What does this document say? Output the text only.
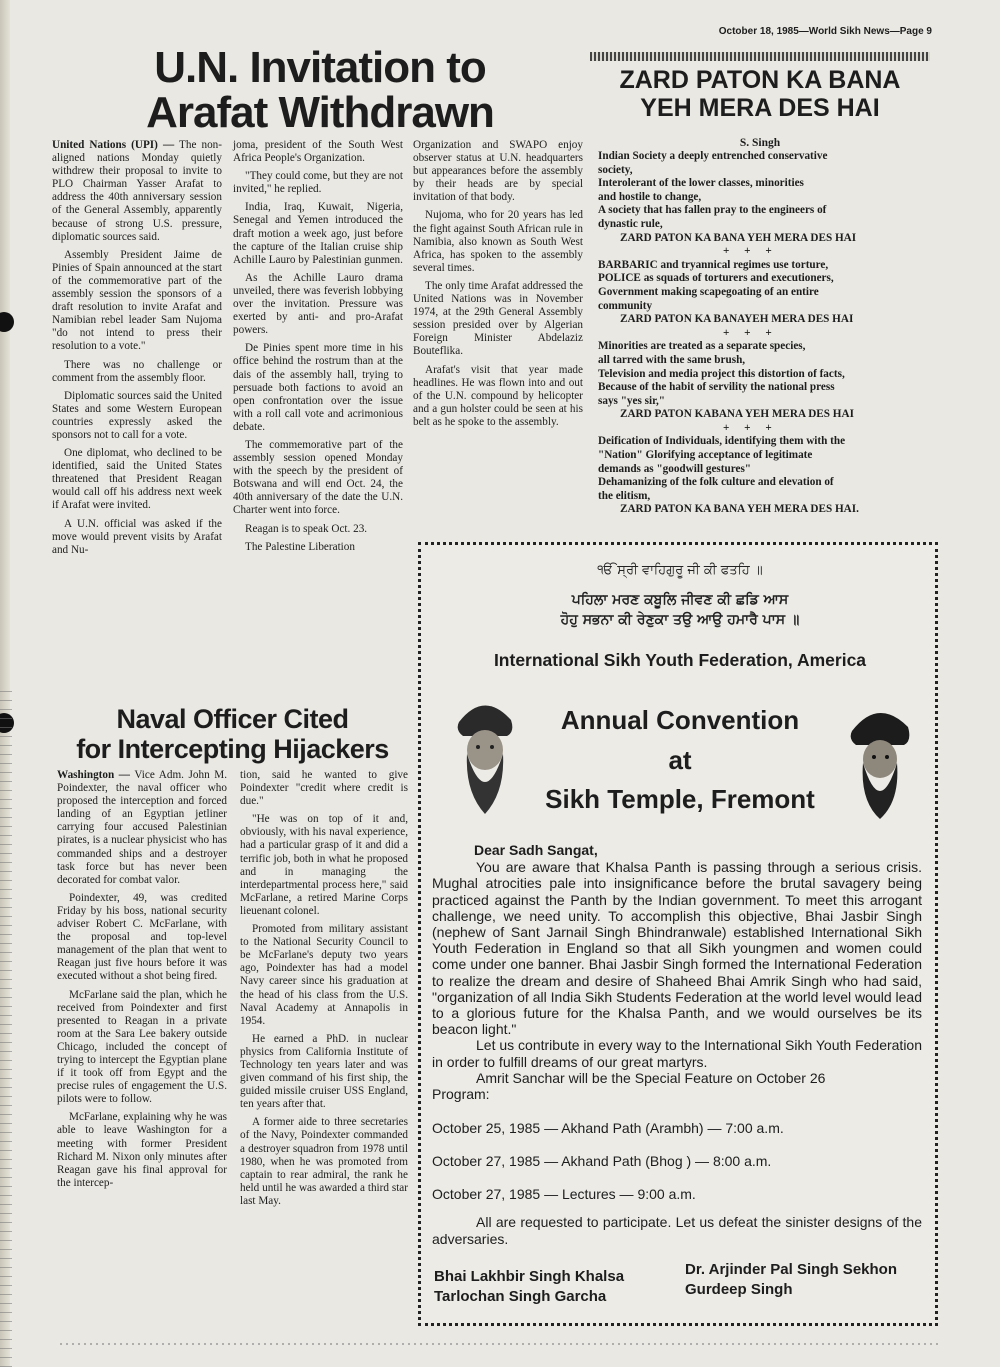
October 18, 1985—World Sikh News—Page 9
U.N. Invitation to
Arafat Withdrawn

United Nations (UPI) — The non-aligned nations Monday quietly withdrew their proposal to invite to PLO Chairman Yasser Arafat to address the 40th anniversary session of the General Assembly, apparently because of strong U.S. pressure, diplomatic sources said.

Assembly President Jaime de Pinies of Spain announced at the start of the commemorative part of the assembly session the sponsors of a draft resolution to invite Arafat and Namibian rebel leader Sam Nujoma "do not intend to press their resolution to a vote."

There was no challenge or comment from the assembly floor.

Diplomatic sources said the United States and some Western European countries expressly asked the sponsors not to call for a vote.

One diplomat, who declined to be identified, said the United States threatened that President Reagan would call off his address next week if Arafat were invited.

A U.N. official was asked if the move would prevent visits by Arafat and Nu-

joma, president of the South West Africa People's Organization.

"They could come, but they are not invited," he replied.

India, Iraq, Kuwait, Nigeria, Senegal and Yemen introduced the draft motion a week ago, just before the capture of the Italian cruise ship Achille Lauro by Palestinian gunmen.

As the Achille Lauro drama unveiled, there was feverish lobbying over the invitation. Pressure was exerted by anti- and pro-Arafat powers.

De Pinies spent more time in his office behind the rostrum than at the dais of the assembly hall, trying to persuade both factions to avoid an open confrontation over the issue with a roll call vote and acrimonious debate.

The commemorative part of the assembly session opened Monday with the speech by the president of Botswana and will end Oct. 24, the 40th anniversary of the date the U.N. Charter went into force.

Reagan is to speak Oct. 23.

The Palestine Liberation

Organization and SWAPO enjoy observer status at U.N. headquarters but appearances before the assembly by their heads are by special invitation of that body.

Nujoma, who for 20 years has led the fight against South African rule in Namibia, also known as South West Africa, has spoken to the assembly several times.

The only time Arafat addressed the United Nations was in November 1974, at the 29th General Assembly session presided over by Algerian Foreign Minister Abdelaziz Bouteflika.

Arafat's visit that year made headlines. He was flown into and out of the U.N. compound by helicopter and a gun holster could be seen at his belt as he spoke to the assembly.

Naval Officer Cited
for Intercepting Hijackers

Washington — Vice Adm. John M. Poindexter, the naval officer who proposed the interception and forced landing of an Egyptian jetliner carrying four accused Palestinian pirates, is a nuclear physicist who has commanded ships and a destroyer task force but has never been decorated for combat valor.

Poindexter, 49, was credited Friday by his boss, national security adviser Robert C. McFarlane, with the proposal and top-level management of the plan that went to Reagan just five hours before it was executed without a shot being fired.

McFarlane said the plan, which he received from Poindexter and first presented to Reagan in a private room at the Sara Lee bakery outside Chicago, included the concept of trying to intercept the Egyptian plane if it took off from Egypt and the precise rules of engagement the U.S. pilots were to follow.

McFarlane, explaining why he was able to leave Washington for a meeting with former President Richard M. Nixon only minutes after Reagan gave his final approval for the intercep-

tion, said he wanted to give Poindexter "credit where credit is due."

"He was on top of it and, obviously, with his naval experience, had a particular grasp of it and did a terrific job, both in what he proposed and in managing the interdepartmental process here," said McFarlane, a retired Marine Corps lieuenant colonel.

Promoted from military assistant to the National Security Council to be McFarlane's deputy two years ago, Poindexter has had a model Navy career since his graduation at the head of his class from the U.S. Naval Academy at Annapolis in 1954.

He earned a PhD. in nuclear physics from California Institute of Technology ten years later and was given command of his first ship, the guided missile cruiser USS England, ten years after that.

A former aide to three secretaries of the Navy, Poindexter commanded a destroyer squadron from 1978 until 1980, when he was promoted from captain to rear admiral, the rank he held until he was awarded a third star last May.

ZARD PATON KA BANA
YEH MERA DES HAI
S. Singh
Indian Society a deeply entrenched conservative
society,
Interolerant of the lower classes, minorities
and hostile to change,
A society that has fallen pray to the engineers of
dynastic rule,
ZARD PATON KA BANA YEH MERA DES HAI
+ + +
BARBARIC and tryannical regimes use torture,
POLICE as squads of torturers and executioners,
Government making scapegoating of an entire
community
ZARD PATON KA BANAYEH MERA DES HAI
+ + +
Minorities are treated as a separate species,
all tarred with the same brush,
Television and media project this distortion of facts,
Because of the habit of servility the national press
says "yes sir,"
ZARD PATON KABANA YEH MERA DES HAI
+ + +
Deification of Individuals, identifying them with the
"Nation" Glorifying acceptance of legitimate
demands as "goodwill gestures"
Dehamanizing of the folk culture and elevation of
the elitism,
ZARD PATON KA BANA YEH MERA DES HAI.
ੴ ਸ੍ਰੀ ਵਾਹਿਗੁਰੂ ਜੀ ਕੀ ਫਤਹਿ ॥
ਪਹਿਲਾ ਮਰਣ ਕਬੂਲਿ ਜੀਵਣ ਕੀ ਛਡਿ ਆਸ
ਹੋਹੁ ਸਭਨਾ ਕੀ ਰੇਣੁਕਾ ਤਉ ਆਉ ਹਮਾਰੈ ਪਾਸ ॥
International Sikh Youth Federation, America
Annual Convention
at
Sikh Temple, Fremont

Dear Sadh Sangat,

You are aware that Khalsa Panth is passing through a serious crisis. Mughal atrocities pale into insignificance before the brutal savagery being practiced against the Panth by the Indian government. To meet this arrogant challenge, we need unity. To accomplish this objective, Bhai Jasbir Singh (nephew of Sant Jarnail Singh Bhindranwale) established International Sikh Youth Federation in England so that all Sikh youngmen and women could come under one banner. Bhai Jasbir Singh formed the International Federation to realize the dream and desire of Shaheed Bhai Amrik Singh who had said, "organization of all India Sikh Students Federation at the world level would lead to a glorious future for the Khalsa Panth, and we would ourselves be its beacon light."

Let us contribute in every way to the International Sikh Youth Federation in order to fulfill dreams of our great martyrs.

Amrit Sanchar will be the Special Feature on October 26

Program:

October 25, 1985 — Akhand Path (Arambh) — 7:00 a.m.
October 27, 1985 — Akhand Path (Bhog ) — 8:00 a.m.
October 27, 1985 — Lectures — 9:00 a.m.
All are requested to participate. Let us defeat the sinister designs of the adversaries.
Bhai Lakhbir Singh Khalsa
Tarlochan Singh Garcha
Dr. Arjinder Pal Singh Sekhon
Gurdeep Singh
